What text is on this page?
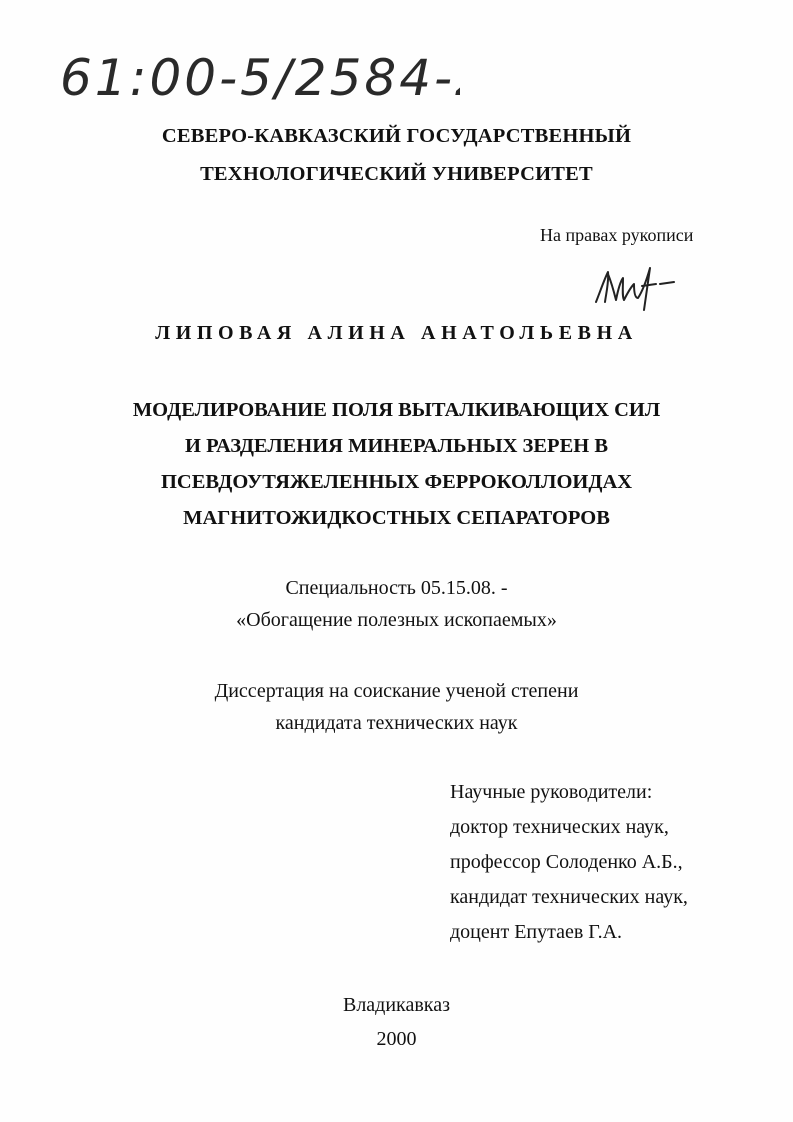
61:00-5/2584-2
СЕВЕРО-КАВКАЗСКИЙ ГОСУДАРСТВЕННЫЙ
ТЕХНОЛОГИЧЕСКИЙ УНИВЕРСИТЕТ
На правах рукописи
ЛИПОВАЯ АЛИНА АНАТОЛЬЕВНА
МОДЕЛИРОВАНИЕ ПОЛЯ ВЫТАЛКИВАЮЩИХ СИЛ
И РАЗДЕЛЕНИЯ МИНЕРАЛЬНЫХ ЗЕРЕН В
ПСЕВДОУТЯЖЕЛЕННЫХ ФЕРРОКОЛЛОИДАХ
МАГНИТОЖИДКОСТНЫХ СЕПАРАТОРОВ
Специальность 05.15.08. -
«Обогащение полезных ископаемых»
Диссертация на соискание ученой степени
кандидата технических наук
Научные руководители:
доктор технических наук,
профессор Солоденко А.Б.,
кандидат технических наук,
доцент Епутаев Г.А.
Владикавказ
2000
